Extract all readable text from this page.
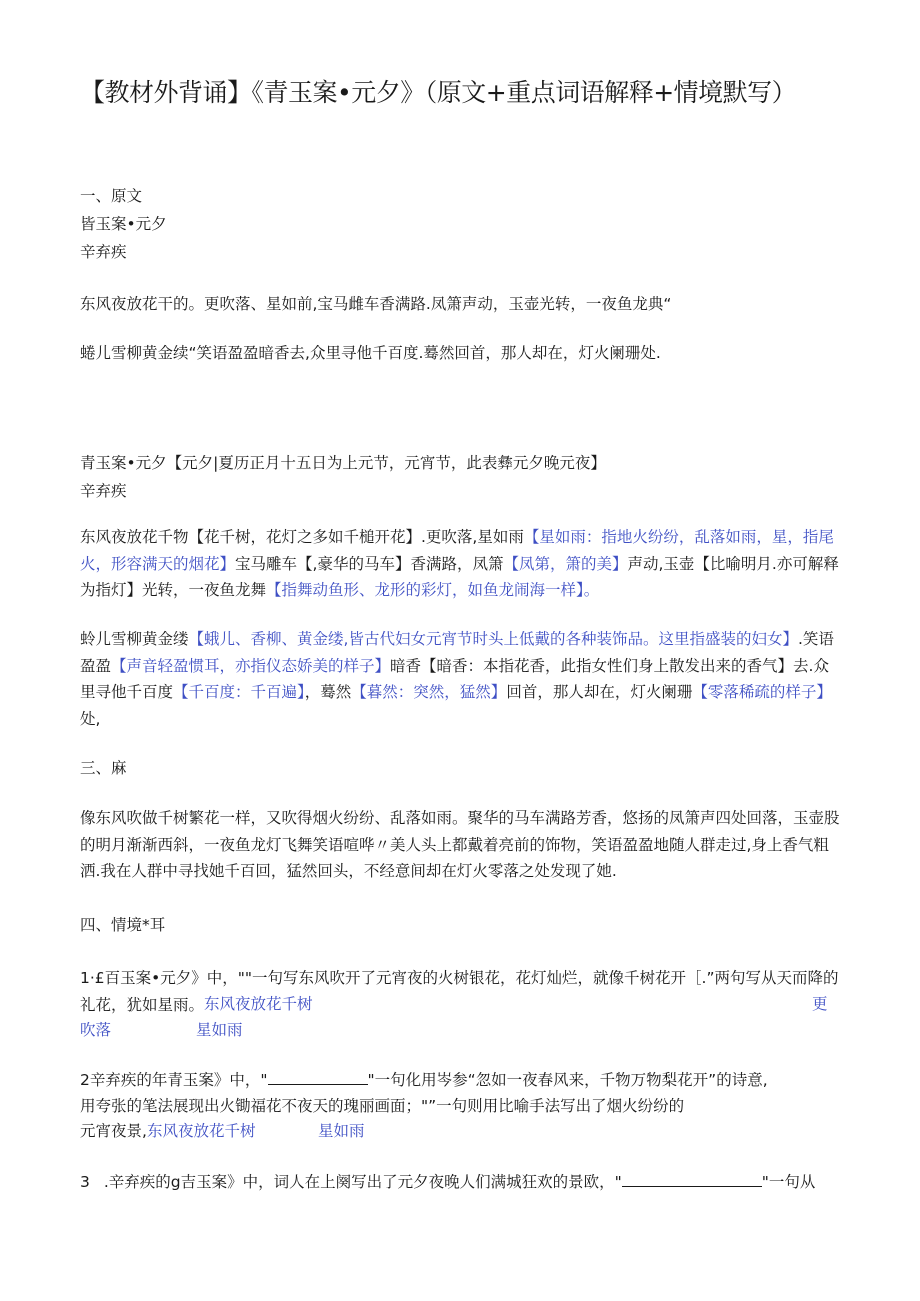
【教材外背诵】《青玉案•元夕》（原文+重点词语解释+情境默写）
一、原文
皆玉案•元夕
辛弃疾
东风夜放花干的。更吹落、星如前,宝马雌车香满路.凤箫声动，玉壶光转，一夜鱼龙典“
蜷儿雪柳黄金续“笑语盈盈暗香去,众里寻他千百度.蓦然回首，那人却在，灯火阑珊处.
青玉案•元夕【元夕|夏历正月十五日为上元节，元宵节，此表彝元夕晚元夜】
辛弃疾
东风夜放花千物【花千树，花灯之多如千槌开花】.更吹落,星如雨【星如雨：指地火纷纷，乱落如雨，星，指尾火，形容满天的烟花】宝马雕车【,豪华的马车】香满路，凤箫【凤第，箫的美】声动,玉壶【比喻明月.亦可解释为指灯】光转，一夜鱼龙舞【指舞动鱼形、龙形的彩灯，如鱼龙闹海一样】。
蛉儿雪柳黄金缕【蛾儿、香柳、黄金缕,皆古代妇女元宵节时头上低戴的各种装饰品。这里指盛装的妇女】.笑语盈盈【声音轻盈惯耳，亦指仪态娇美的样子】暗香【暗香：本指花香，此指女性们身上散发出来的香气】去.众里寻他千百度【千百度：千百遍】，蓦然【暮然：突然，猛然】回首，那人却在，灯火阑珊【零落稀疏的样子】处,
三、麻
像东风吹做千树繁花一样，又吹得烟火纷纷、乱落如雨。聚华的马车满路芳香，悠扬的凤箫声四处回落，玉壶股的明月渐渐西斜，一夜鱼龙灯飞舞笑语喧哗〃美人头上都戴着亮前的饰物，笑语盈盈地随人群走过,身上香气粗洒.我在人群中寻找她千百回，猛然回头，不经意间却在灯火零落之处发现了她.
四、情境*耳
1·£百玉案•元夕》中，""一句写东风吹开了元宵夜的火树银花，花灯灿烂，就像千树花开［.”两句写从天而降的礼花，犹如星雨。 东风夜放花千树	更
吹落	星如雨
2辛弃疾的年青玉案》中，"	"一句化用岑参“忽如一夜春风来，千物万物梨花开”的诗意,
用夸张的笔法展现出火锄福花不夜天的瑰丽画面；"”一句则用比喻手法写出了烟火纷纷的
元宵夜景,东风夜放花千树	星如雨
3 .辛弃疾的g吉玉案》中，词人在上阕写出了元夕夜晚人们满城狂欢的景欧，"	"一句从
